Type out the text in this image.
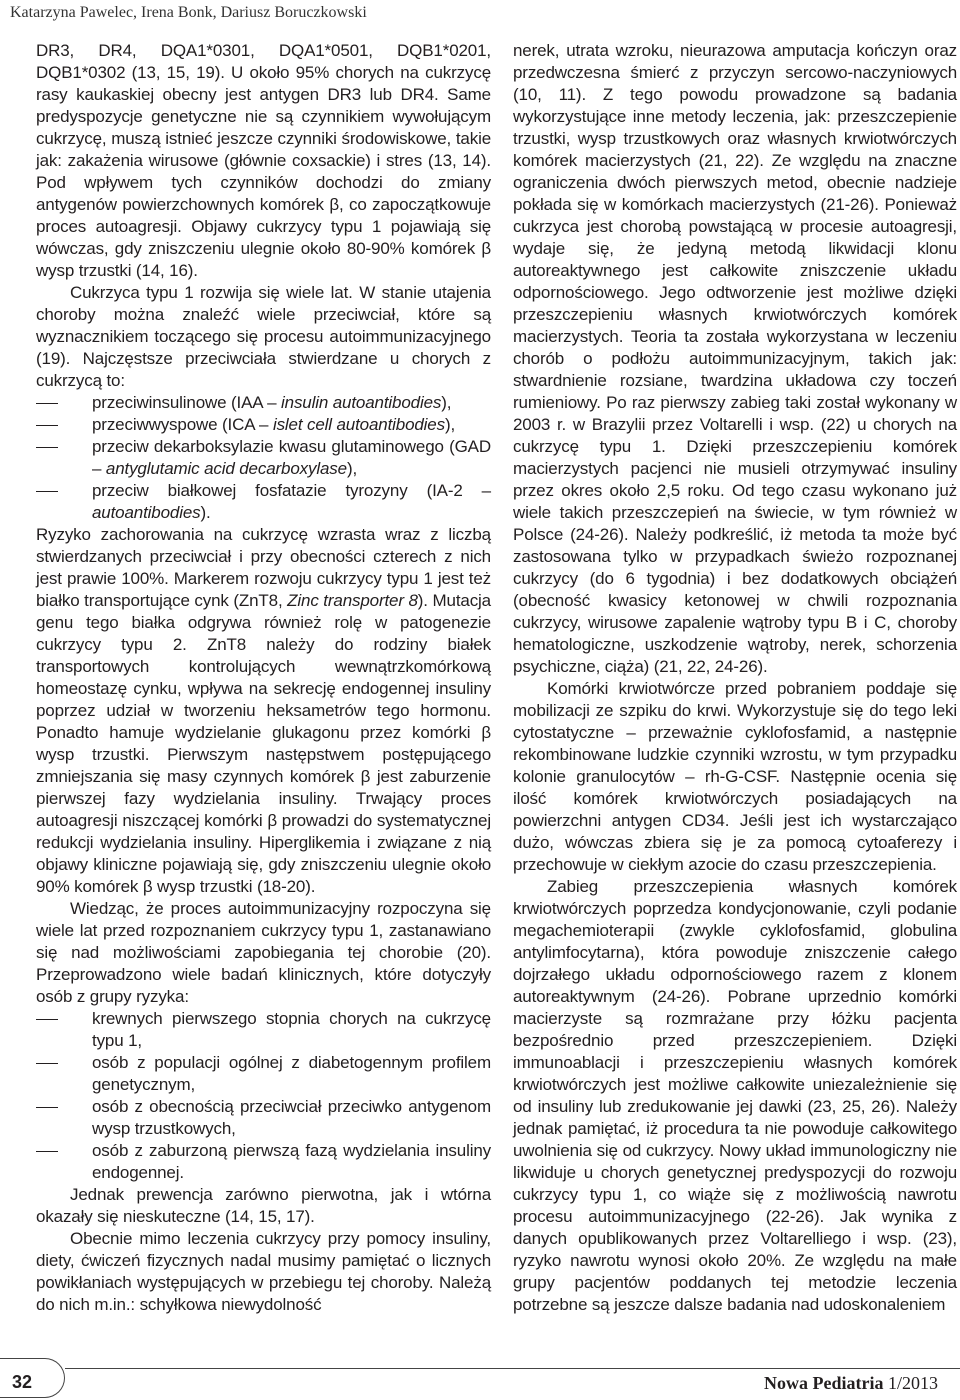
Katarzyna Pawelec, Irena Bonk, Dariusz Boruczkowski

DR3, DR4, DQA1*0301, DQA1*0501, DQB1*0201, DQB1*0302 (13, 15, 19). U około 95% chorych na cukrzycę rasy kaukaskiej obecny jest antygen DR3 lub DR4. Same predyspozycje genetyczne nie są czynnikiem wywołującym cukrzycę, muszą istnieć jeszcze czynniki środowiskowe, takie jak: zakażenia wirusowe (głównie coxsackie) i stres (13, 14). Pod wpływem tych czynników dochodzi do zmiany antygenów powierzchownych komórek β, co zapoczątkowuje proces autoagresji. Objawy cukrzycy typu 1 pojawiają się wówczas, gdy zniszczeniu ulegnie około 80-90% komórek β wysp trzustki (14, 16).

Cukrzyca typu 1 rozwija się wiele lat. W stanie utajenia choroby można znaleźć wiele przeciwciał, które są wyznacznikiem toczącego się procesu autoimmunizacyjnego (19). Najczęstsze przeciwciała stwierdzane u chorych z cukrzycą to:

przeciwinsulinowe (IAA – insulin autoantibodies),
przeciwwyspowe (ICA – islet cell autoantibodies),
przeciw dekarboksylazie kwasu glutaminowego (GAD – antyglutamic acid decarboxylase),
przeciw białkowej fosfatazie tyrozyny (IA-2 – autoantibodies).

Ryzyko zachorowania na cukrzycę wzrasta wraz z liczbą stwierdzanych przeciwciał i przy obecności czterech z nich jest prawie 100%. Markerem rozwoju cukrzycy typu 1 jest też białko transportujące cynk (ZnT8, Zinc transporter 8). Mutacja genu tego białka odgrywa również rolę w patogenezie cukrzycy typu 2. ZnT8 należy do rodziny białek transportowych kontrolujących wewnątrzkomórkową homeostazę cynku, wpływa na sekrecję endogennej insuliny poprzez udział w tworzeniu heksametrów tego hormonu. Ponadto hamuje wydzielanie glukagonu przez komórki β wysp trzustki. Pierwszym następstwem postępującego zmniejszania się masy czynnych komórek β jest zaburzenie pierwszej fazy wydzielania insuliny. Trwający proces autoagresji niszczącej komórki β prowadzi do systematycznej redukcji wydzielania insuliny. Hiperglikemia i związane z nią objawy kliniczne pojawiają się, gdy zniszczeniu ulegnie około 90% komórek β wysp trzustki (18-20).

Wiedząc, że proces autoimmunizacyjny rozpoczyna się wiele lat przed rozpoznaniem cukrzycy typu 1, zastanawiano się nad możliwościami zapobiegania tej chorobie (20). Przeprowadzono wiele badań klinicznych, które dotyczyły osób z grupy ryzyka:

krewnych pierwszego stopnia chorych na cukrzycę typu 1,
osób z populacji ogólnej z diabetogennym profilem genetycznym,
osób z obecnością przeciwciał przeciwko antygenom wysp trzustkowych,
osób z zaburzoną pierwszą fazą wydzielania insuliny endogennej.

Jednak prewencja zarówno pierwotna, jak i wtórna okazały się nieskuteczne (14, 15, 17).

Obecnie mimo leczenia cukrzycy przy pomocy insuliny, diety, ćwiczeń fizycznych nadal musimy pamiętać o licznych powikłaniach występujących w przebiegu tej choroby. Należą do nich m.in.: schyłkowa niewydolność

nerek, utrata wzroku, nieurazowa amputacja kończyn oraz przedwczesna śmierć z przyczyn sercowo-naczyniowych (10, 11). Z tego powodu prowadzone są badania wykorzystujące inne metody leczenia, jak: przeszczepienie trzustki, wysp trzustkowych oraz własnych krwiotwórczych komórek macierzystych (21, 22). Ze względu na znaczne ograniczenia dwóch pierwszych metod, obecnie nadzieje pokłada się w komórkach macierzystych (21-26). Ponieważ cukrzyca jest chorobą powstającą w procesie autoagresji, wydaje się, że jedyną metodą likwidacji klonu autoreaktywnego jest całkowite zniszczenie układu odpornościowego. Jego odtworzenie jest możliwe dzięki przeszczepieniu własnych krwiotwórczych komórek macierzystych. Teoria ta została wykorzystana w leczeniu chorób o podłożu autoimmunizacyjnym, takich jak: stwardnienie rozsiane, twardzina układowa czy toczeń rumieniowy. Po raz pierwszy zabieg taki został wykonany w 2003 r. w Brazylii przez Voltarelli i wsp. (22) u chorych na cukrzycę typu 1. Dzięki przeszczepieniu komórek macierzystych pacjenci nie musieli otrzymywać insuliny przez okres około 2,5 roku. Od tego czasu wykonano już wiele takich przeszczepień na świecie, w tym również w Polsce (24-26). Należy podkreślić, iż metoda ta może być zastosowana tylko w przypadkach świeżo rozpoznanej cukrzycy (do 6 tygodnia) i bez dodatkowych obciążeń (obecność kwasicy ketonowej w chwili rozpoznania cukrzycy, wirusowe zapalenie wątroby typu B i C, choroby hematologiczne, uszkodzenie wątroby, nerek, schorzenia psychiczne, ciąża) (21, 22, 24-26).

Komórki krwiotwórcze przed pobraniem poddaje się mobilizacji ze szpiku do krwi. Wykorzystuje się do tego leki cytostatyczne – przeważnie cyklofosfamid, a następnie rekombinowane ludzkie czynniki wzrostu, w tym przypadku kolonie granulocytów – rh-G-CSF. Następnie ocenia się ilość komórek krwiotwórczych posiadających na powierzchni antygen CD34. Jeśli jest ich wystarczająco dużo, wówczas zbiera się je za pomocą cytoaferezy i przechowuje w ciekłym azocie do czasu przeszczepienia.

Zabieg przeszczepienia własnych komórek krwiotwórczych poprzedza kondycjonowanie, czyli podanie megachemioterapii (zwykle cyklofosfamid, globulina antylimfocytarna), która powoduje zniszczenie całego dojrzałego układu odpornościowego razem z klonem autoreaktywnym (24-26). Pobrane uprzednio komórki macierzyste są rozmrażane przy łóżku pacjenta bezpośrednio przed przeszczepieniem. Dzięki immunoablacji i przeszczepieniu własnych komórek krwiotwórczych jest możliwe całkowite uniezależnienie się od insuliny lub zredukowanie jej dawki (23, 25, 26). Należy jednak pamiętać, iż procedura ta nie powoduje całkowitego uwolnienia się od cukrzycy. Nowy układ immunologiczny nie likwiduje u chorych genetycznej predyspozycji do rozwoju cukrzycy typu 1, co wiąże się z możliwością nawrotu procesu autoimmunizacyjnego (22-26). Jak wynika z danych opublikowanych przez Voltarelliego i wsp. (23), ryzyko nawrotu wynosi około 20%. Ze względu na małe grupy pacjentów poddanych tej metodzie leczenia potrzebne są jeszcze dalsze badania nad udoskonaleniem

32	Nowa Pediatria 1/2013
